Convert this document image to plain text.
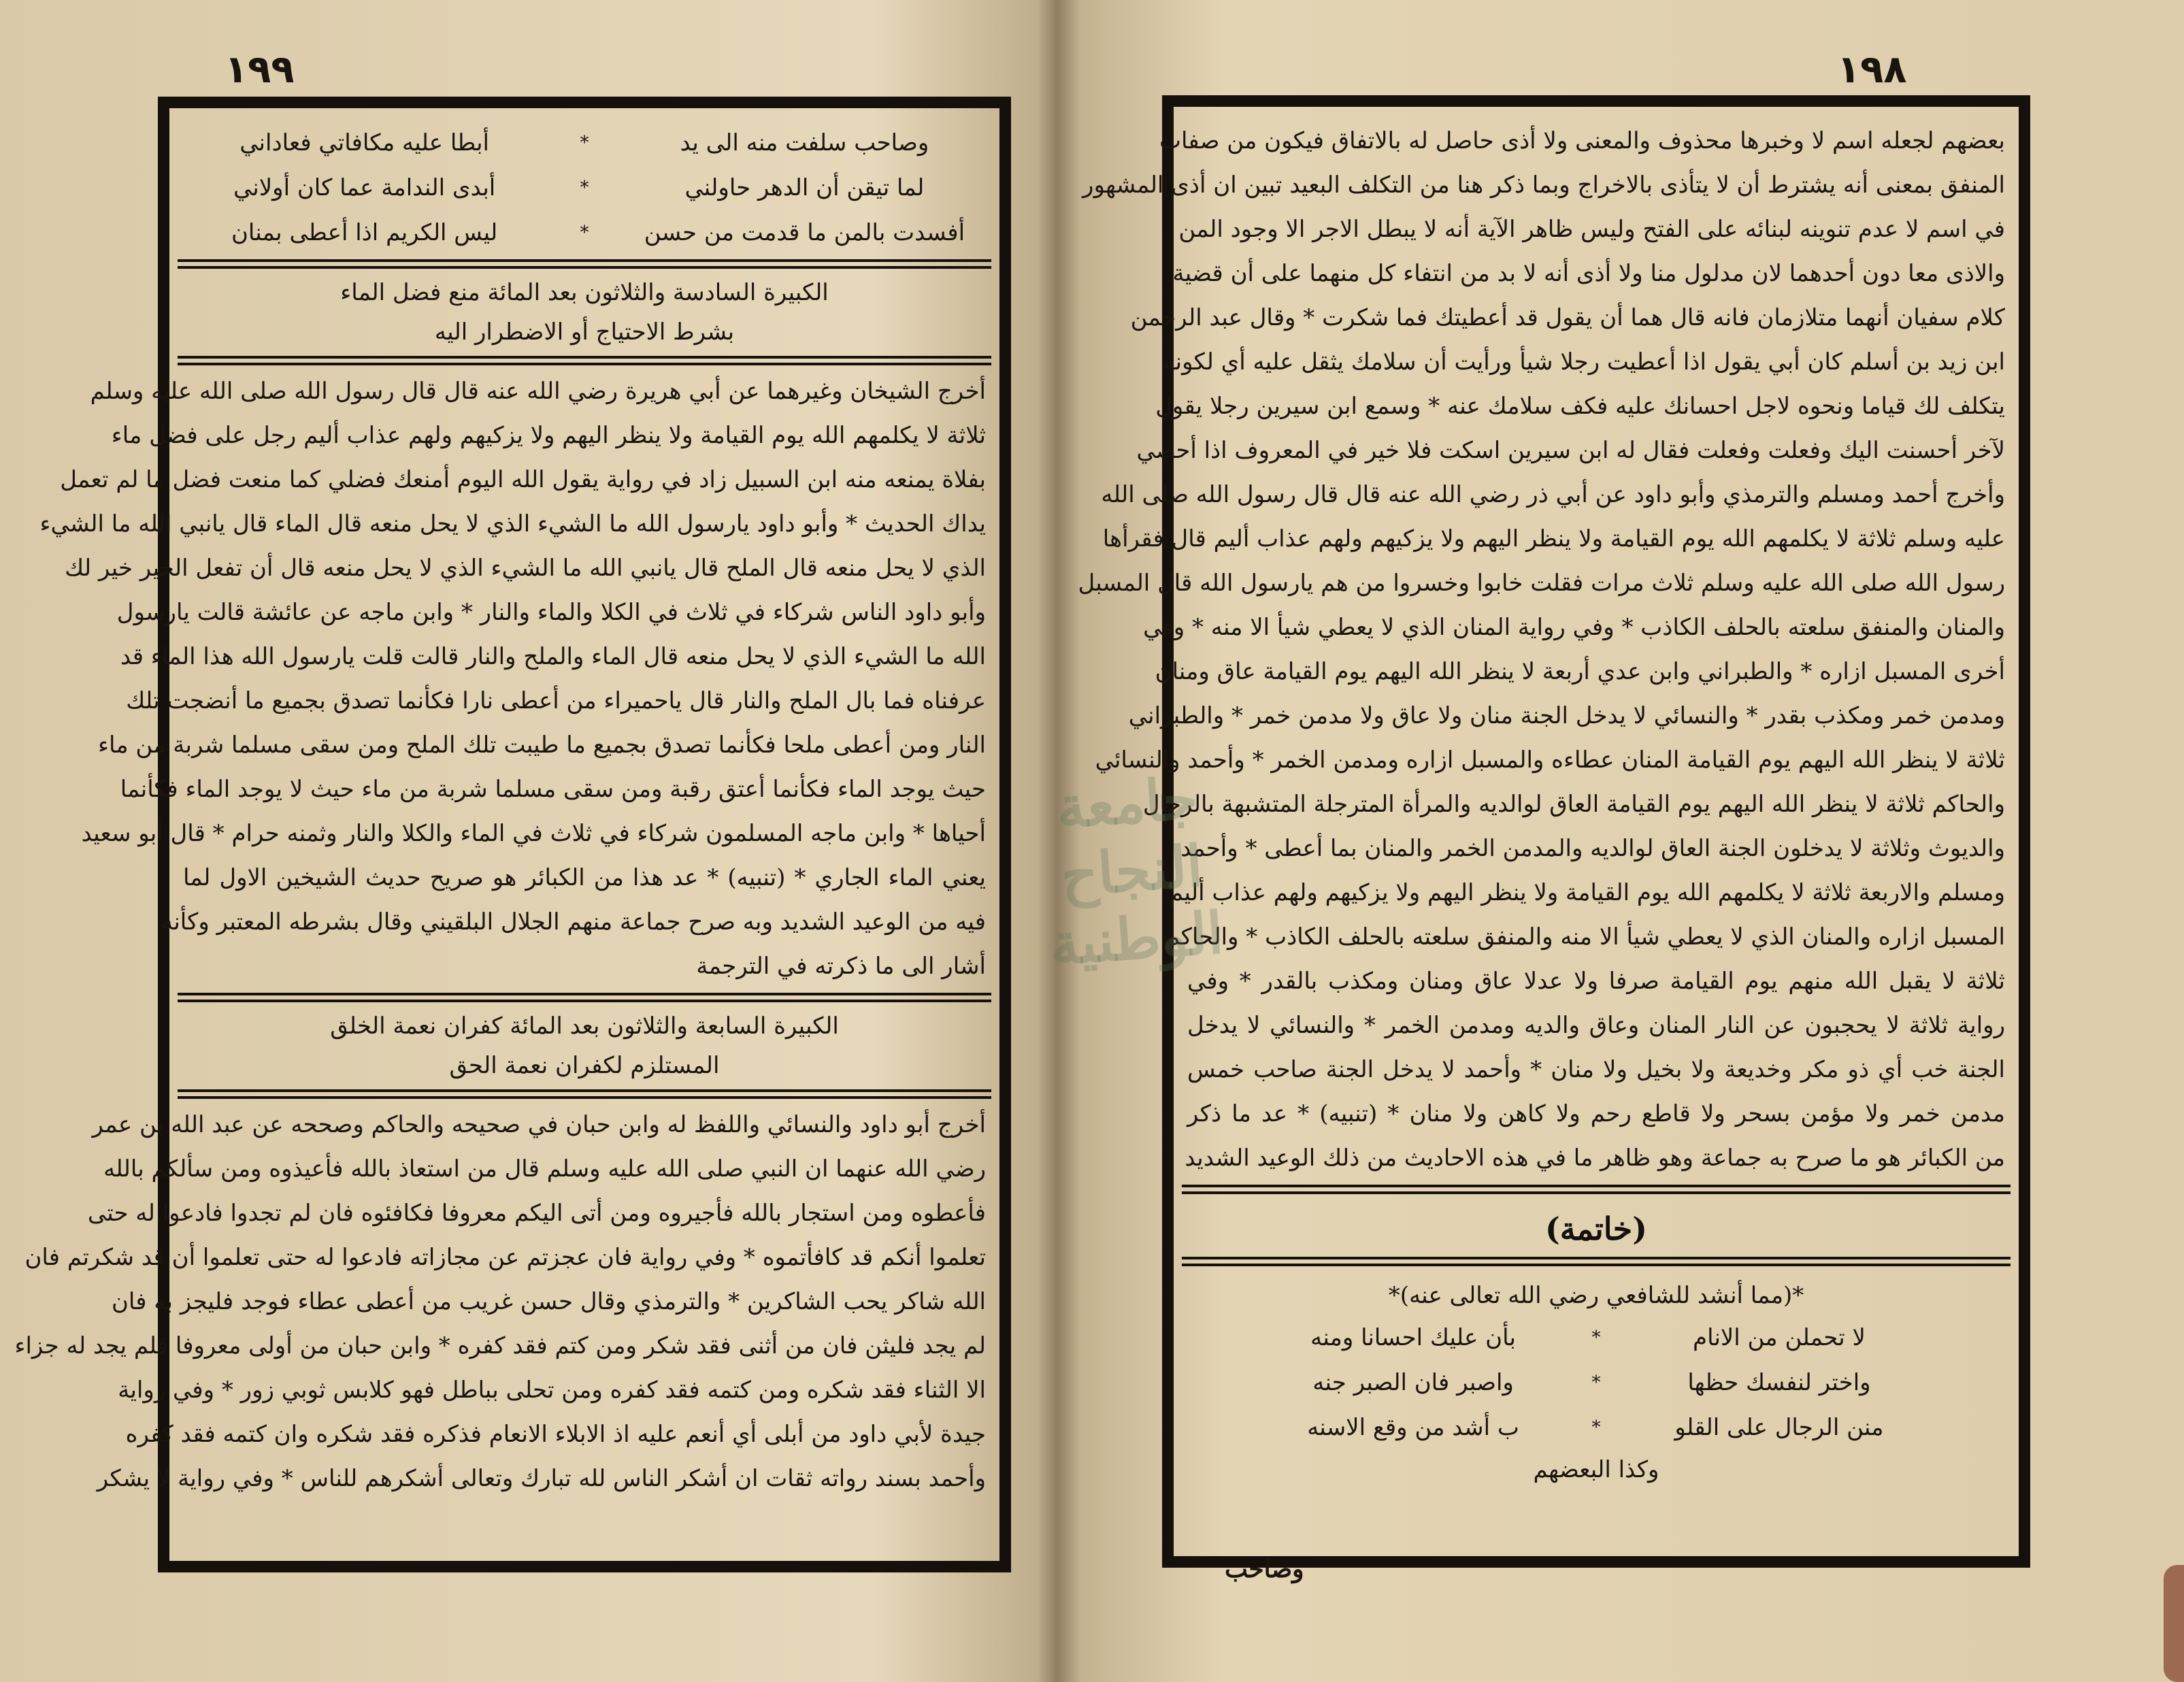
١٩٩
وصاحب سلفت منه الى يد
*
أبطا عليه مكافاتي فعاداني
لما تيقن أن الدهر حاولني
*
أبدى الندامة عما كان أولاني
أفسدت بالمن ما قدمت من حسن
*
ليس الكريم اذا أعطى بمنان
الكبيرة السادسة والثلاثون بعد المائة منع فضل الماء
بشرط الاحتياج أو الاضطرار اليه
أخرج الشيخان وغيرهما عن أبي هريرة رضي الله عنه قال قال رسول الله صلى الله عليه وسلم
ثلاثة لا يكلمهم الله يوم القيامة ولا ينظر اليهم ولا يزكيهم ولهم عذاب أليم رجل على فضل ماء
بفلاة يمنعه منه ابن السبيل زاد في رواية يقول الله اليوم أمنعك فضلي كما منعت فضل ما لم تعمل
يداك الحديث * وأبو داود يارسول الله ما الشيء الذي لا يحل منعه قال الماء قال يانبي الله ما الشيء
الذي لا يحل منعه قال الملح قال يانبي الله ما الشيء الذي لا يحل منعه قال أن تفعل الخير خير لك
وأبو داود الناس شركاء في ثلاث في الكلا والماء والنار * وابن ماجه عن عائشة قالت يارسول
الله ما الشيء الذي لا يحل منعه قال الماء والملح والنار قالت قلت يارسول الله هذا الماء قد
عرفناه فما بال الملح والنار قال ياحميراء من أعطى نارا فكأنما تصدق بجميع ما أنضجت تلك
النار ومن أعطى ملحا فكأنما تصدق بجميع ما طيبت تلك الملح ومن سقى مسلما شربة من ماء
حيث يوجد الماء فكأنما أعتق رقبة ومن سقى مسلما شربة من ماء حيث لا يوجد الماء فكأنما
أحياها * وابن ماجه المسلمون شركاء في ثلاث في الماء والكلا والنار وثمنه حرام * قال أبو سعيد
يعني الماء الجاري * (تنبيه) * عد هذا من الكبائر هو صريح حديث الشيخين الاول لما
فيه من الوعيد الشديد وبه صرح جماعة منهم الجلال البلقيني وقال بشرطه المعتبر وكأنه
أشار الى ما ذكرته في الترجمة
الكبيرة السابعة والثلاثون بعد المائة كفران نعمة الخلق
المستلزم لكفران نعمة الحق
أخرج أبو داود والنسائي واللفظ له وابن حبان في صحيحه والحاكم وصححه عن عبد الله بن عمر
رضي الله عنهما ان النبي صلى الله عليه وسلم قال من استعاذ بالله فأعيذوه ومن سألكم بالله
فأعطوه ومن استجار بالله فأجيروه ومن أتى اليكم معروفا فكافئوه فان لم تجدوا فادعوا له حتى
تعلموا أنكم قد كافأتموه * وفي رواية فان عجزتم عن مجازاته فادعوا له حتى تعلموا أن قد شكرتم فان
الله شاكر يحب الشاكرين * والترمذي وقال حسن غريب من أعطى عطاء فوجد فليجز به فان
لم يجد فليثن فان من أثنى فقد شكر ومن كتم فقد كفره * وابن حبان من أولى معروفا فلم يجد له جزاء
الا الثناء فقد شكره ومن كتمه فقد كفره ومن تحلى بباطل فهو كلابس ثوبي زور * وفي رواية
جيدة لأبي داود من أبلى أي أنعم عليه اذ الابلاء الانعام فذكره فقد شكره وان كتمه فقد كفره
وأحمد بسند رواته ثقات ان أشكر الناس لله تبارك وتعالى أشكرهم للناس * وفي رواية لا يشكر
١٩٨
بعضهم لجعله اسم لا وخبرها محذوف والمعنى ولا أذى حاصل له بالاتفاق فيكون من صفات
المنفق بمعنى أنه يشترط أن لا يتأذى بالاخراج وبما ذكر هنا من التكلف البعيد تبين ان أذى المشهور
في اسم لا عدم تنوينه لبنائه على الفتح وليس ظاهر الآية أنه لا يبطل الاجر الا وجود المن
والاذى معا دون أحدهما لان مدلول منا ولا أذى أنه لا بد من انتفاء كل منهما على أن قضية
كلام سفيان أنهما متلازمان فانه قال هما أن يقول قد أعطيتك فما شكرت * وقال عبد الرحمن
ابن زيد بن أسلم كان أبي يقول اذا أعطيت رجلا شيأ ورأيت أن سلامك يثقل عليه أي لكونه
يتكلف لك قياما ونحوه لاجل احسانك عليه فكف سلامك عنه * وسمع ابن سيرين رجلا يقول
لآخر أحسنت اليك وفعلت وفعلت فقال له ابن سيرين اسكت فلا خير في المعروف اذا أحصي
وأخرج أحمد ومسلم والترمذي وأبو داود عن أبي ذر رضي الله عنه قال قال رسول الله صلى الله
عليه وسلم ثلاثة لا يكلمهم الله يوم القيامة ولا ينظر اليهم ولا يزكيهم ولهم عذاب أليم قال فقرأها
رسول الله صلى الله عليه وسلم ثلاث مرات فقلت خابوا وخسروا من هم يارسول الله قال المسبل
والمنان والمنفق سلعته بالحلف الكاذب * وفي رواية المنان الذي لا يعطي شيأ الا منه * وفي
أخرى المسبل ازاره * والطبراني وابن عدي أربعة لا ينظر الله اليهم يوم القيامة عاق ومنان
ومدمن خمر ومكذب بقدر * والنسائي لا يدخل الجنة منان ولا عاق ولا مدمن خمر * والطبراني
ثلاثة لا ينظر الله اليهم يوم القيامة المنان عطاءه والمسبل ازاره ومدمن الخمر * وأحمد والنسائي
والحاكم ثلاثة لا ينظر الله اليهم يوم القيامة العاق لوالديه والمرأة المترجلة المتشبهة بالرجال
والديوث وثلاثة لا يدخلون الجنة العاق لوالديه والمدمن الخمر والمنان بما أعطى * وأحمد
ومسلم والاربعة ثلاثة لا يكلمهم الله يوم القيامة ولا ينظر اليهم ولا يزكيهم ولهم عذاب أليم
المسبل ازاره والمنان الذي لا يعطي شيأ الا منه والمنفق سلعته بالحلف الكاذب * والحاكم
ثلاثة لا يقبل الله منهم يوم القيامة صرفا ولا عدلا عاق ومنان ومكذب بالقدر * وفي
رواية ثلاثة لا يحجبون عن النار المنان وعاق والديه ومدمن الخمر * والنسائي لا يدخل
الجنة خب أي ذو مكر وخديعة ولا بخيل ولا منان * وأحمد لا يدخل الجنة صاحب خمس
مدمن خمر ولا مؤمن بسحر ولا قاطع رحم ولا كاهن ولا منان * (تنبيه) * عد ما ذكر
من الكبائر هو ما صرح به جماعة وهو ظاهر ما في هذه الاحاديث من ذلك الوعيد الشديد
(خاتمة)
*(مما أنشد للشافعي رضي الله تعالى عنه)*
لا تحملن من الانام
*
بأن عليك احسانا ومنه
واختر لنفسك حظها
*
واصبر فان الصبر جنه
منن الرجال على القلو
*
ب أشد من وقع الاسنه
وكذا البعضهم
وصاحب
جامعة النجاح الوطنية
